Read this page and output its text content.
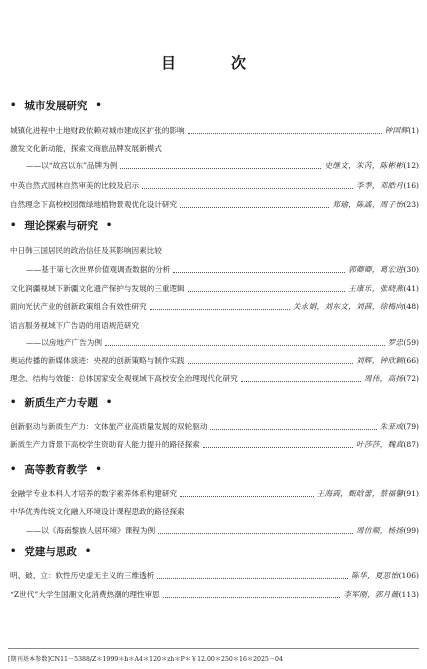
目　次
• 城市发展研究 •
城镇化进程中土地财政依赖对城市建成区扩张的影响	钟国辉 (1)
激发文化新动能，探索文商旅品牌发展新模式
——以“故宫以东”品牌为例	史继文，朱芮，陈彬彬 (12)
中英自然式园林自然审美的比较及启示	李季，邓皓月 (16)
自然理念下高校校园微绿地植物景观优化设计研究	郑瑜，陈謠，周子怡 (23)
• 理论探索与研究 •
中日韩三国居民的政治信任及其影响因素比较
——基于第七次世界价值观调查数据的分析	郭卿卿，葛宏进 (30)
文化润疆视域下新疆文化遗产保护与发展的三重逻辑	王康乐，张晓燕 (41)
面向光伏产业的创新政策组合有效性研究	关永娟，刘东文，刘茜，徐梅向 (48)
语言服务视域下广告语的用语规范研究
——以房地产广告为例	罗忠 (59)
奥运传播的新媒体演进：央视的创新策略与制作实践	刘辉，钟欣颖 (66)
理念、结构与效能：总体国家安全观视域下高校安全治理现代化研究	周伟，高扬 (72)
• 新质生产力专题 •
创新驱动与新质生产力：文体旅产业高质量发展的双轮驱动	朱亚成 (79)
新质生产力背景下高校学生资助育人能力提升的路径探索	叶莎莎，魏真 (87)
• 高等教育教学 •
金融学专业本科人才培养的数字素养体系构建研究	王海霞，甄晗蕾，蔡福馨 (91)
中华优秀传统文化融入环境设计课程思政的路径探索
——以《海南黎族人居环境》课程为例	周仿顺，杨扬 (99)
• 党建与思政 •
明、破、立：软性历史虚无主义的三维透析	陈华，夏思怡 (106)
“Z世代”大学生国潮文化消费热潮的理性审思	李军刚，郭月薇 (113)
[期刊基本参数]CN11－5388/Z＊1999＊b＊A4＊120＊zh＊P＊￥12.00＊250＊16＊2025－04
